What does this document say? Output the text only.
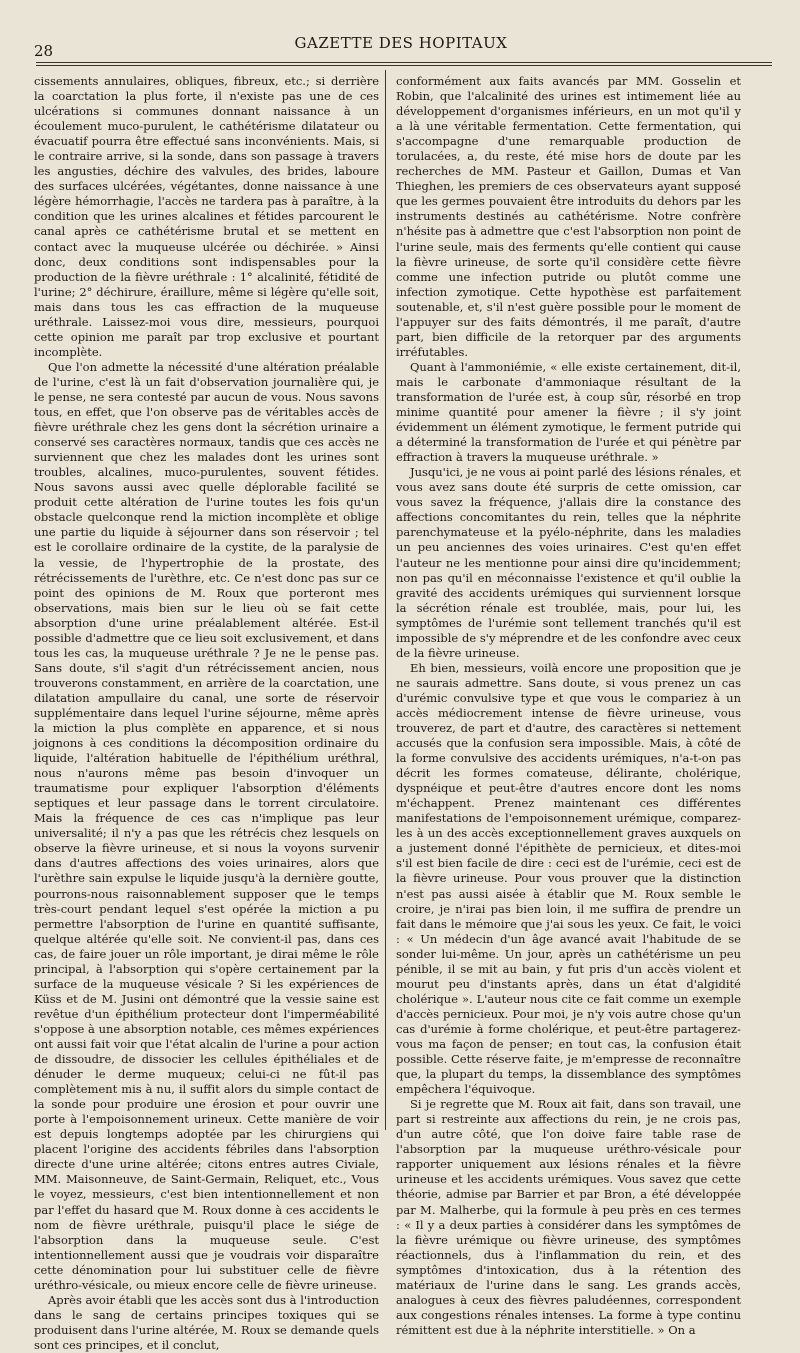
28	GAZETTE DES HOPITAUX

cissements annulaires, obliques, fibreux, etc.; si derrière la coarctation la plus forte, il n'existe pas une de ces ulcérations si communes donnant naissance à un écoulement muco-purulent, le cathétérisme dilatateur ou évacuatif pourra être effectué sans inconvénients. Mais, si le contraire arrive, si la sonde, dans son passage à travers les angusties, déchire des valvules, des brides, laboure des surfaces ulcérées, végétantes, donne naissance à une légère hémorrhagie, l'accès ne tardera pas à paraître, à la condition que les urines alcalines et fétides parcourent le canal après ce cathétérisme brutal et se mettent en contact avec la muqueuse ulcérée ou déchirée. » Ainsi donc, deux conditions sont indispensables pour la production de la fièvre uréthrale : 1° alcalinité, fétidité de l'urine; 2° déchirure, éraillure, même si légère qu'elle soit, mais dans tous les cas effraction de la muqueuse uréthrale. Laissez-moi vous dire, messieurs, pourquoi cette opinion me paraît par trop exclusive et pourtant incomplète.

Que l'on admette la nécessité d'une altération préalable de l'urine, c'est là un fait d'observation journalière qui, je le pense, ne sera contesté par aucun de vous. Nous savons tous, en effet, que l'on observe pas de véritables accès de fièvre uréthrale chez les gens dont la sécrétion urinaire a conservé ses caractères normaux, tandis que ces accès ne surviennent que chez les malades dont les urines sont troubles, alcalines, muco-purulentes, souvent fétides. Nous savons aussi avec quelle déplorable facilité se produit cette altération de l'urine toutes les fois qu'un obstacle quelconque rend la miction incomplète et oblige une partie du liquide à séjourner dans son réservoir ; tel est le corollaire ordinaire de la cystite, de la paralysie de la vessie, de l'hypertrophie de la prostate, des rétrécissements de l'urèthre, etc. Ce n'est donc pas sur ce point des opinions de M. Roux que porteront mes observations, mais bien sur le lieu où se fait cette absorption d'une urine préalablement altérée. Est-il possible d'admettre que ce lieu soit exclusivement, et dans tous les cas, la muqueuse uréthrale ? Je ne le pense pas. Sans doute, s'il s'agit d'un rétrécissement ancien, nous trouverons constamment, en arrière de la coarctation, une dilatation ampullaire du canal, une sorte de réservoir supplémentaire dans lequel l'urine séjourne, même après la miction la plus complète en apparence, et si nous joignons à ces conditions la décomposition ordinaire du liquide, l'altération habituelle de l'épithélium uréthral, nous n'aurons même pas besoin d'invoquer un traumatisme pour expliquer l'absorption d'éléments septiques et leur passage dans le torrent circulatoire. Mais la fréquence de ces cas n'implique pas leur universalité; il n'y a pas que les rétrécis chez lesquels on observe la fièvre urineuse, et si nous la voyons survenir dans d'autres affections des voies urinaires, alors que l'urèthre sain expulse le liquide jusqu'à la dernière goutte, pourrons-nous raisonnablement supposer que le temps très-court pendant lequel s'est opérée la miction a pu permettre l'absorption de l'urine en quantité suffisante, quelque altérée qu'elle soit. Ne convient-il pas, dans ces cas, de faire jouer un rôle important, je dirai même le rôle principal, à l'absorption qui s'opère certainement par la surface de la muqueuse vésicale ? Si les expériences de Küss et de M. Jusini ont démontré que la vessie saine est revêtue d'un épithélium protecteur dont l'imperméabilité s'oppose à une absorption notable, ces mêmes expériences ont aussi fait voir que l'état alcalin de l'urine a pour action de dissoudre, de dissocier les cellules épithéliales et de dénuder le derme muqueux; celui-ci ne fût-il pas complètement mis à nu, il suffit alors du simple contact de la sonde pour produire une érosion et pour ouvrir une porte à l'empoisonnement urineux. Cette manière de voir est depuis longtemps adoptée par les chirurgiens qui placent l'origine des accidents fébriles dans l'absorption directe d'une urine altérée; citons entres autres Civiale, MM. Maisonneuve, de Saint-Germain, Reliquet, etc., Vous le voyez, messieurs, c'est bien intentionnellement et non par l'effet du hasard que M. Roux donne à ces accidents le nom de fièvre uréthrale, puisqu'il place le siége de l'absorption dans la muqueuse seule. C'est intentionnellement aussi que je voudrais voir disparaître cette dénomination pour lui substituer celle de fièvre uréthro-vésicale, ou mieux encore celle de fièvre urineuse.

Après avoir établi que les accès sont dus à l'introduction dans le sang de certains principes toxiques qui se produisent dans l'urine altérée, M. Roux se demande quels sont ces principes, et il conclut,

conformément aux faits avancés par MM. Gosselin et Robin, que l'alcalinité des urines est intimement liée au développement d'organismes inférieurs, en un mot qu'il y a là une véritable fermentation. Cette fermentation, qui s'accompagne d'une remarquable production de torulacées, a, du reste, été mise hors de doute par les recherches de MM. Pasteur et Gaillon, Dumas et Van Thieghen, les premiers de ces observateurs ayant supposé que les germes pouvaient être introduits du dehors par les instruments destinés au cathétérisme. Notre confrère n'hésite pas à admettre que c'est l'absorption non point de l'urine seule, mais des ferments qu'elle contient qui cause la fièvre urineuse, de sorte qu'il considère cette fièvre comme une infection putride ou plutôt comme une infection zymotique. Cette hypothèse est parfaitement soutenable, et, s'il n'est guère possible pour le moment de l'appuyer sur des faits démontrés, il me paraît, d'autre part, bien difficile de la retorquer par des arguments irréfutables.

Quant à l'ammoniémie, « elle existe certainement, dit-il, mais le carbonate d'ammoniaque résultant de la transformation de l'urée est, à coup sûr, résorbé en trop minime quantité pour amener la fièvre ; il s'y joint évidemment un élément zymotique, le ferment putride qui a déterminé la transformation de l'urée et qui pénètre par effraction à travers la muqueuse uréthrale. »

Jusqu'ici, je ne vous ai point parlé des lésions rénales, et vous avez sans doute été surpris de cette omission, car vous savez la fréquence, j'allais dire la constance des affections concomitantes du rein, telles que la néphrite parenchymateuse et la pyélo-néphrite, dans les maladies un peu anciennes des voies urinaires. C'est qu'en effet l'auteur ne les mentionne pour ainsi dire qu'incidemment; non pas qu'il en méconnaisse l'existence et qu'il oublie la gravité des accidents urémiques qui surviennent lorsque la sécrétion rénale est troublée, mais, pour lui, les symptômes de l'urémie sont tellement tranchés qu'il est impossible de s'y méprendre et de les confondre avec ceux de la fièvre urineuse.

Eh bien, messieurs, voilà encore une proposition que je ne saurais admettre. Sans doute, si vous prenez un cas d'urémic convulsive type et que vous le compariez à un accès médiocrement intense de fièvre urineuse, vous trouverez, de part et d'autre, des caractères si nettement accusés que la confusion sera impossible. Mais, à côté de la forme convulsive des accidents urémiques, n'a-t-on pas décrit les formes comateuse, délirante, cholérique, dyspnéique et peut-être d'autres encore dont les noms m'échappent. Prenez maintenant ces différentes manifestations de l'empoisonnement urémique, comparez-les à un des accès exceptionnellement graves auxquels on a justement donné l'épithète de pernicieux, et dites-moi s'il est bien facile de dire : ceci est de l'urémie, ceci est de la fièvre urineuse. Pour vous prouver que la distinction n'est pas aussi aisée à établir que M. Roux semble le croire, je n'irai pas bien loin, il me suffira de prendre un fait dans le mémoire que j'ai sous les yeux. Ce fait, le voici : « Un médecin d'un âge avancé avait l'habitude de se sonder lui-même. Un jour, après un cathétérisme un peu pénible, il se mit au bain, y fut pris d'un accès violent et mourut peu d'instants après, dans un état d'algidité cholérique ». L'auteur nous cite ce fait comme un exemple d'accès pernicieux. Pour moi, je n'y vois autre chose qu'un cas d'urémie à forme cholérique, et peut-être partagerez-vous ma façon de penser; en tout cas, la confusion était possible. Cette réserve faite, je m'empresse de reconnaître que, la plupart du temps, la dissemblance des symptômes empêchera l'équivoque.

Si je regrette que M. Roux ait fait, dans son travail, une part si restreinte aux affections du rein, je ne crois pas, d'un autre côté, que l'on doive faire table rase de l'absorption par la muqueuse uréthro-vésicale pour rapporter uniquement aux lésions rénales et la fièvre urineuse et les accidents urémiques. Vous savez que cette théorie, admise par Barrier et par Bron, a été développée par M. Malherbe, qui la formule à peu près en ces termes : « Il y a deux parties à considérer dans les symptômes de la fièvre urémique ou fièvre urineuse, des symptômes réactionnels, dus à l'inflammation du rein, et des symptômes d'intoxication, dus à la rétention des matériaux de l'urine dans le sang. Les grands accès, analogues à ceux des fièvres paludéennes, correspondent aux congestions rénales intenses. La forme à type continu rémittent est due à la néphrite interstitielle. » On a
